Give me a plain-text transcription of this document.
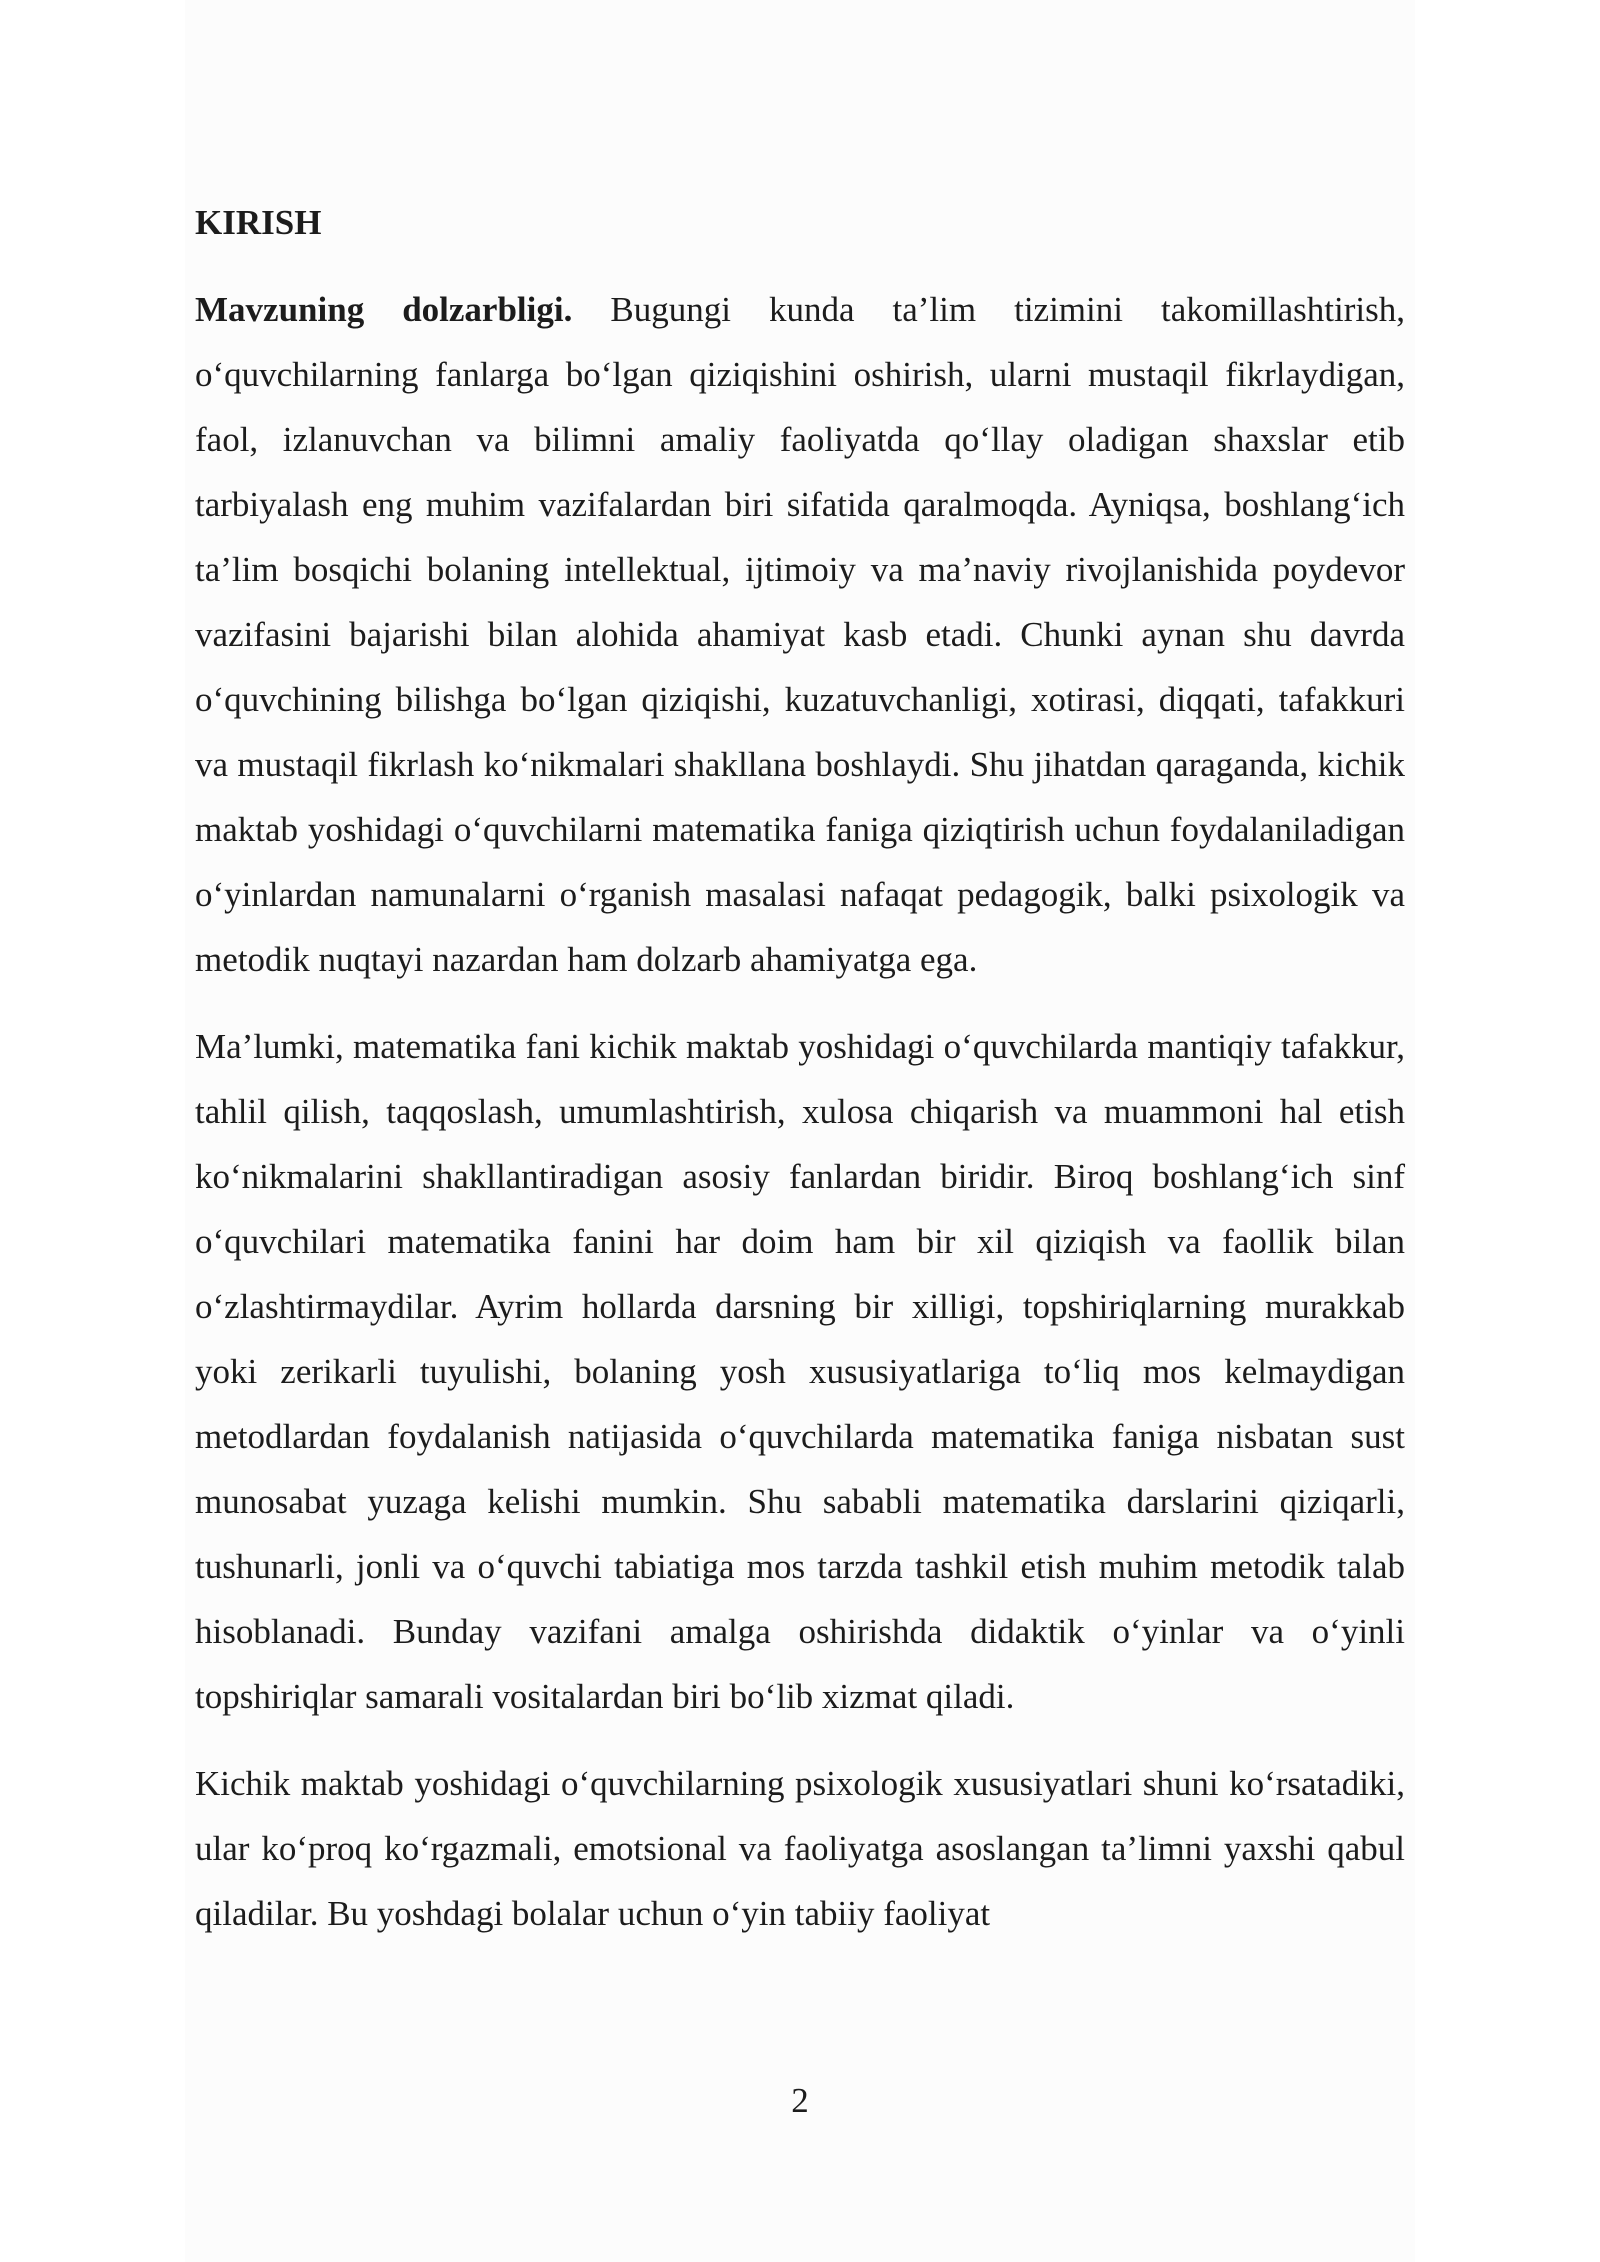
KIRISH

Mavzuning dolzarbligi. Bugungi kunda ta’lim tizimini takomillashtirish, o‘quvchilarning fanlarga bo‘lgan qiziqishini oshirish, ularni mustaqil fikrlaydigan, faol, izlanuvchan va bilimni amaliy faoliyatda qo‘llay oladigan shaxslar etib tarbiyalash eng muhim vazifalardan biri sifatida qaralmoqda. Ayniqsa, boshlang‘ich ta’lim bosqichi bolaning intellektual, ijtimoiy va ma’naviy rivojlanishida poydevor vazifasini bajarishi bilan alohida ahamiyat kasb etadi. Chunki aynan shu davrda o‘quvchining bilishga bo‘lgan qiziqishi, kuzatuvchanligi, xotirasi, diqqati, tafakkuri va mustaqil fikrlash ko‘nikmalari shakllana boshlaydi. Shu jihatdan qaraganda, kichik maktab yoshidagi o‘quvchilarni matematika faniga qiziqtirish uchun foydalaniladigan o‘yinlardan namunalarni o‘rganish masalasi nafaqat pedagogik, balki psixologik va metodik nuqtayi nazardan ham dolzarb ahamiyatga ega.

Ma’lumki, matematika fani kichik maktab yoshidagi o‘quvchilarda mantiqiy tafakkur, tahlil qilish, taqqoslash, umumlashtirish, xulosa chiqarish va muammoni hal etish ko‘nikmalarini shakllantiradigan asosiy fanlardan biridir. Biroq boshlang‘ich sinf o‘quvchilari matematika fanini har doim ham bir xil qiziqish va faollik bilan o‘zlashtirmaydilar. Ayrim hollarda darsning bir xilligi, topshiriqlarning murakkab yoki zerikarli tuyulishi, bolaning yosh xususiyatlariga to‘liq mos kelmaydigan metodlardan foydalanish natijasida o‘quvchilarda matematika faniga nisbatan sust munosabat yuzaga kelishi mumkin. Shu sababli matematika darslarini qiziqarli, tushunarli, jonli va o‘quvchi tabiatiga mos tarzda tashkil etish muhim metodik talab hisoblanadi. Bunday vazifani amalga oshirishda didaktik o‘yinlar va o‘yinli topshiriqlar samarali vositalardan biri bo‘lib xizmat qiladi.

Kichik maktab yoshidagi o‘quvchilarning psixologik xususiyatlari shuni ko‘rsatadiki, ular ko‘proq ko‘rgazmali, emotsional va faoliyatga asoslangan ta’limni yaxshi qabul qiladilar. Bu yoshdagi bolalar uchun o‘yin tabiiy faoliyat

2
